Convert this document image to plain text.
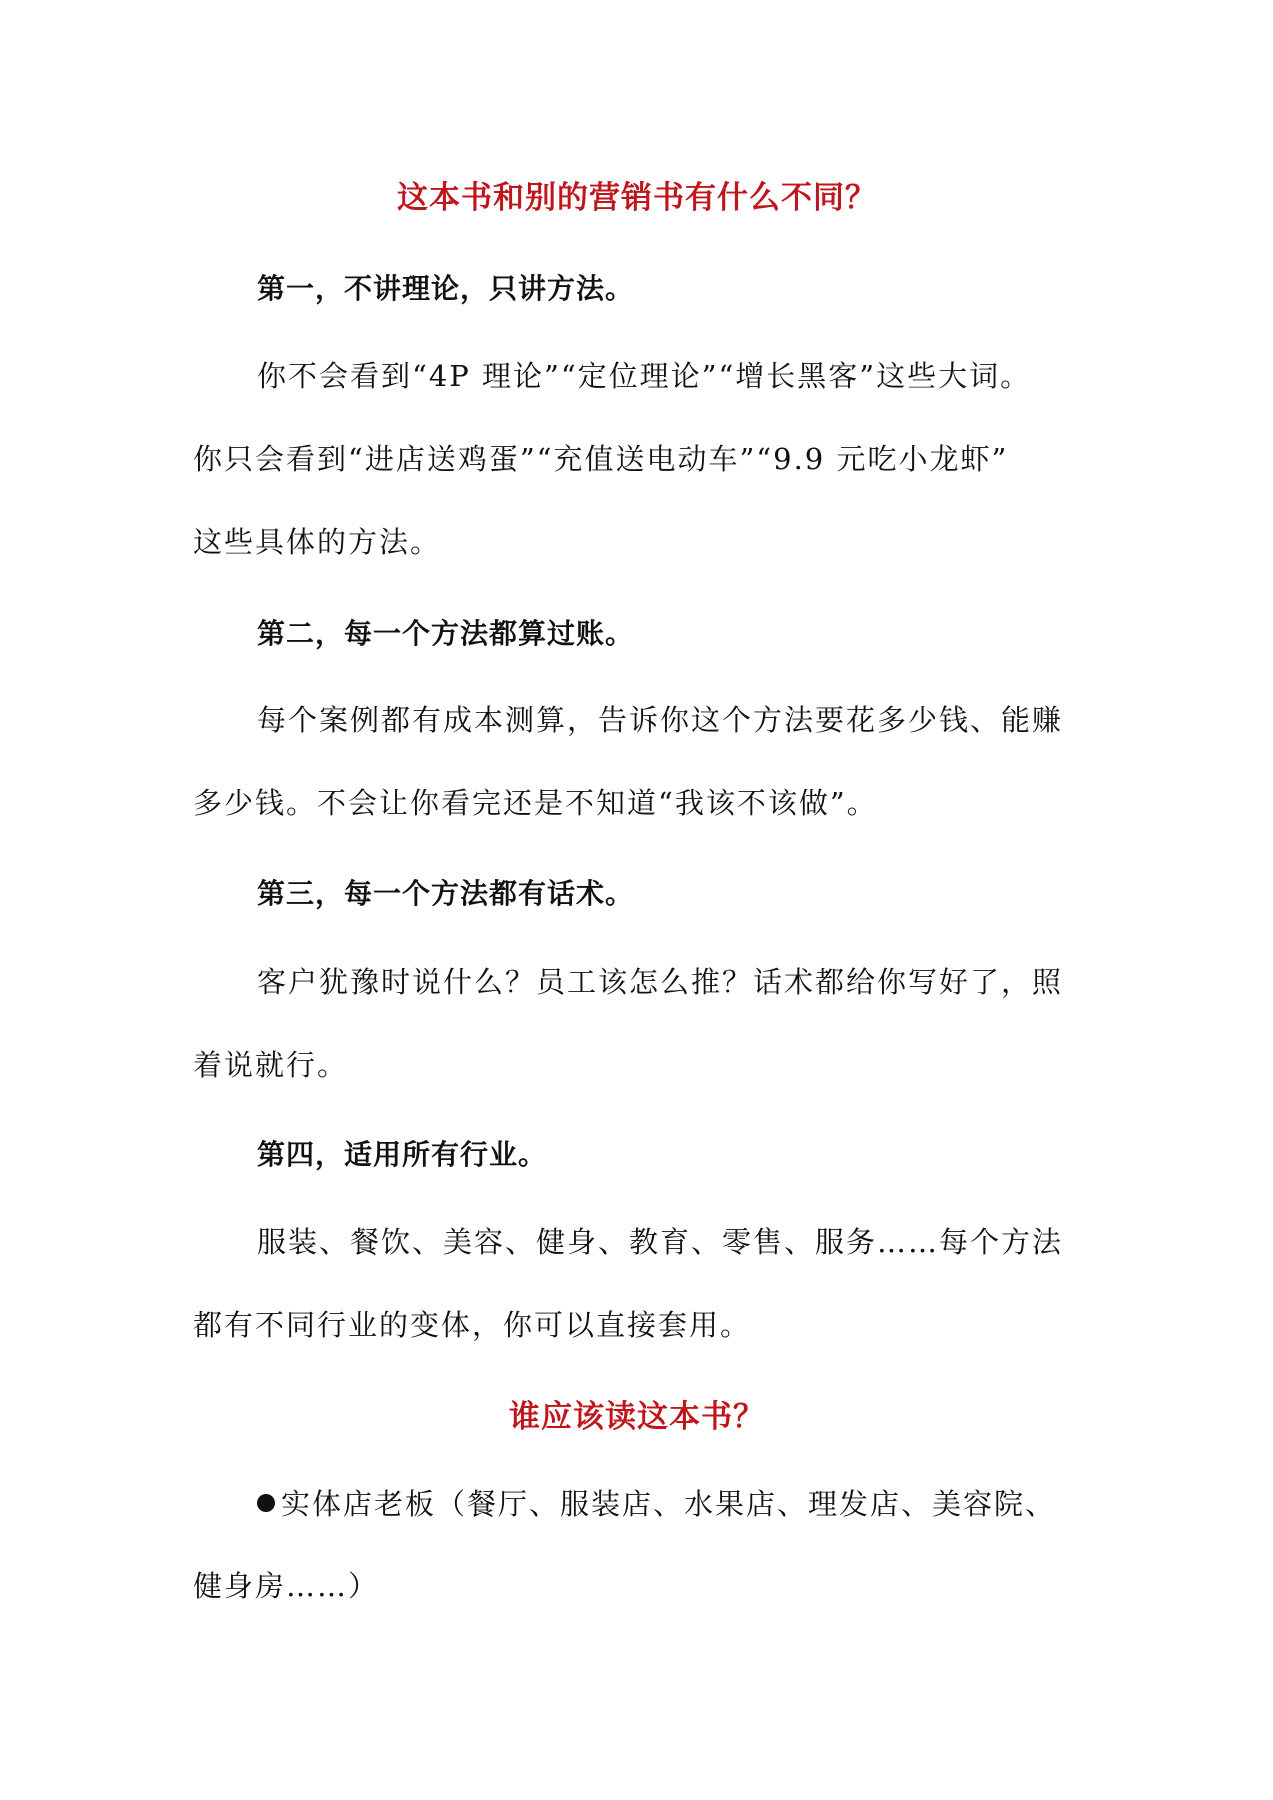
这本书和别的营销书有什么不同？
第一，不讲理论，只讲方法。
你不会看到“4P 理论”“定位理论”“增长黑客”这些大词。
你只会看到“进店送鸡蛋”“充值送电动车”“9.9 元吃小龙虾”
这些具体的方法。
第二，每一个方法都算过账。
每个案例都有成本测算，告诉你这个方法要花多少钱、能赚
多少钱。不会让你看完还是不知道“我该不该做”。
第三，每一个方法都有话术。
客户犹豫时说什么？员工该怎么推？话术都给你写好了，照
着说就行。
第四，适用所有行业。
服装、餐饮、美容、健身、教育、零售、服务……每个方法
都有不同行业的变体，你可以直接套用。
谁应该读这本书？
实体店老板（餐厅、服装店、水果店、理发店、美容院、
健身房……）
